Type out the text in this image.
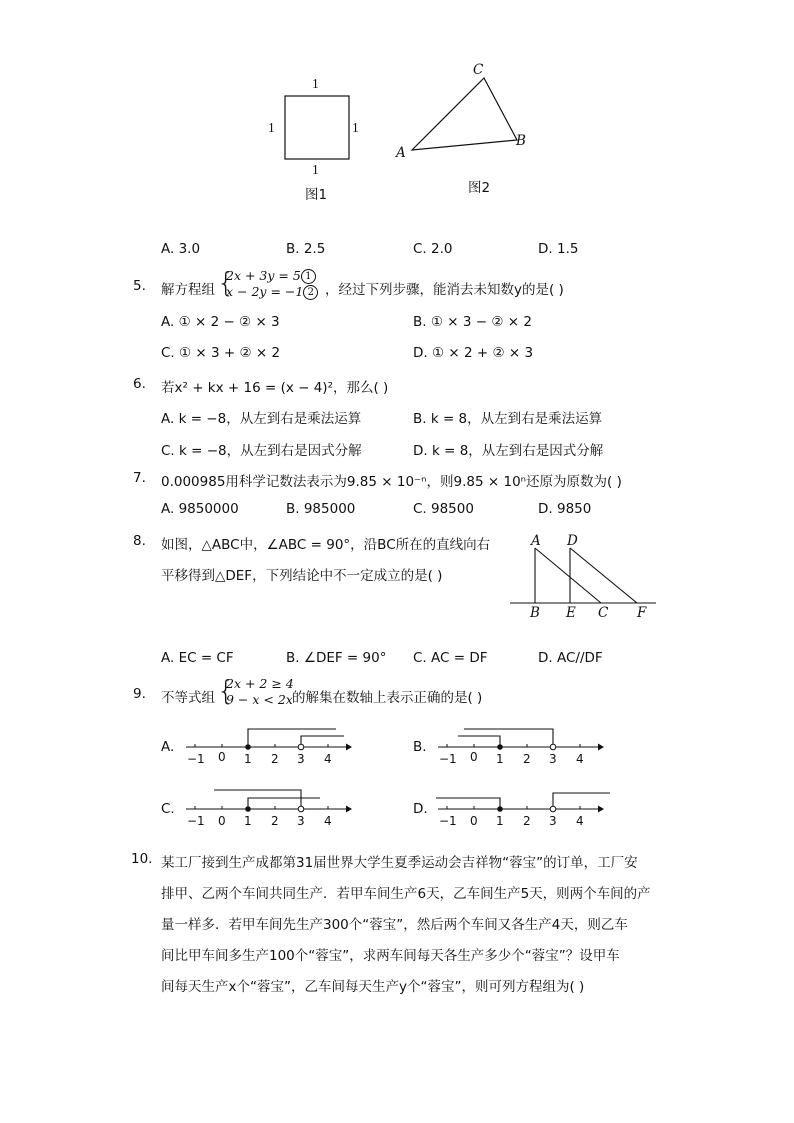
1
1	1
1
图1
C
A
B
图2
A. 3.0	B. 2.5	C. 2.0	D. 1.5
5. 解方程组 {
2x + 3y = 5 1
x − 2y = −1 2 ，经过下列步骤，能消去未知数y的是( )
A. ① × 2 − ② × 3	B. ① × 3 − ② × 2
C. ① × 3 + ② × 2	D. ① × 2 + ② × 3
6. 若x² + kx + 16 = (x − 4)²，那么( )
A. k = −8，从左到右是乘法运算	B. k = 8，从左到右是乘法运算
C. k = −8，从左到右是因式分解	D. k = 8，从左到右是因式分解
7. 0.000985用科学记数法表示为9.85 × 10⁻ⁿ，则9.85 × 10ⁿ还原为原数为( )
A. 9850000	B. 985000	C. 98500	D. 9850
8. 如图，△ABC中，∠ABC = 90°，沿BC所在的直线向右
平移得到△DEF，下列结论中不一定成立的是( )
A D
B E C F
A. EC = CF	B. ∠DEF = 90° C. AC = DF	D. AC//DF
9. 不等式组 {
2x + 2 ≥ 4
9 − x < 2x 的解集在数轴上表示正确的是( )
A.	B.
C.	D.
−1 0 1 2 3 4	−1 0 1 2 3 4
−1 0 1 2 3 4	−1 0 1 2 3 4
10. 某工厂接到生产成都第31届世界大学生夏季运动会吉祥物“蓉宝”的订单，工厂安
排甲、乙两个车间共同生产．若甲车间生产6天，乙车间生产5天，则两个车间的产
量一样多．若甲车间先生产300个“蓉宝”，然后两个车间又各生产4天，则乙车
间比甲车间多生产100个“蓉宝”，求两车间每天各生产多少个“蓉宝”？设甲车
间每天生产x个“蓉宝”，乙车间每天生产y个“蓉宝”，则可列方程组为( )
